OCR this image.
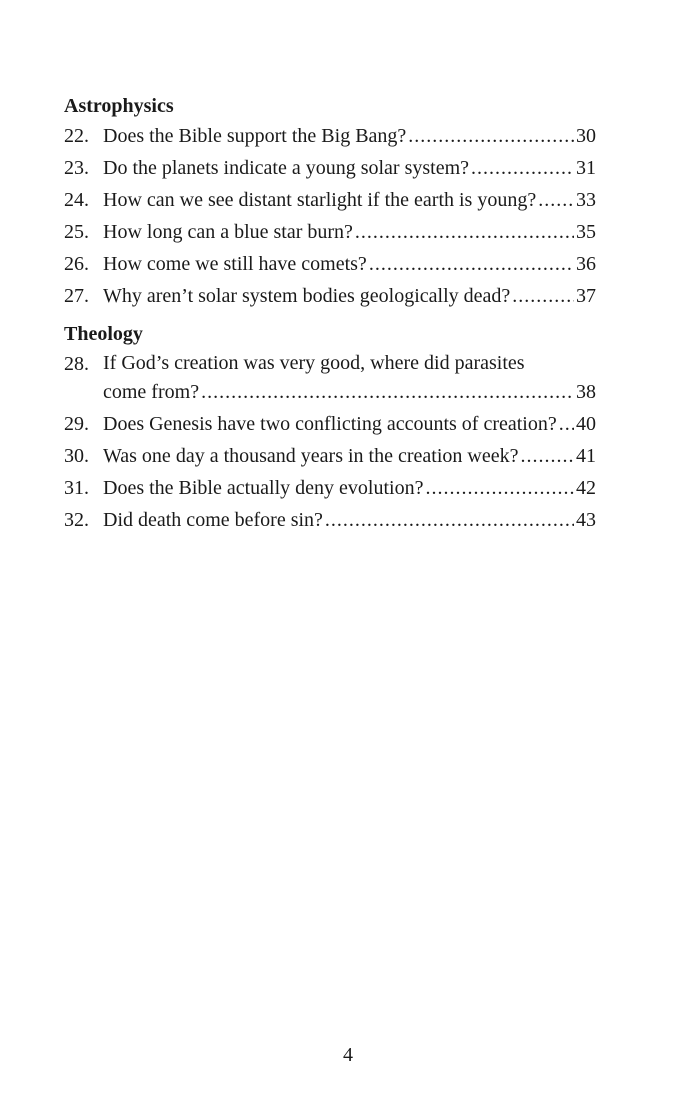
Astrophysics
22. Does the Bible support the Big Bang? .....	30
23. Do the planets indicate a young solar system? .....	31
24. How can we see distant starlight if the earth is young? ..... 33
25. How long can a blue star burn? .....	35
26. How come we still have comets? .....	36
27. Why aren’t solar system bodies geologically dead? .....	37
Theology
28. If God’s creation was very good, where did parasites
come from? .....	38
29. Does Genesis have two conflicting accounts of creation? ..... 40
30. Was one day a thousand years in the creation week? .....	41
31. Does the Bible actually deny evolution? .....	42
32. Did death come before sin? .....	43
4
